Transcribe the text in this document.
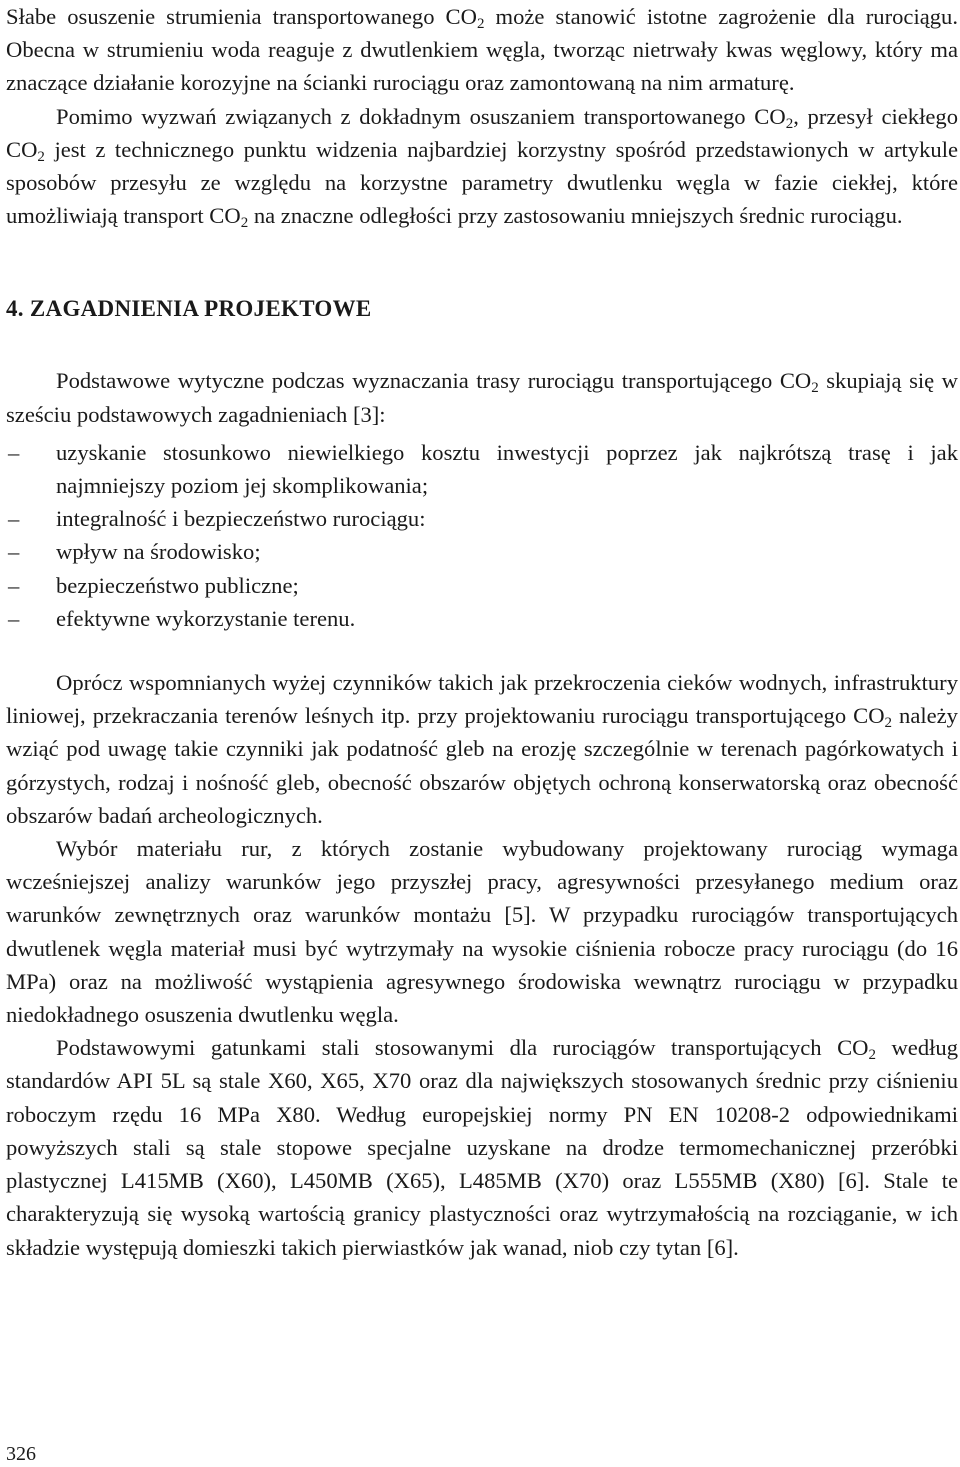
Słabe osuszenie strumienia transportowanego $CO_2$ może stanowić istotne zagrożenie dla rurociągu. Obecna w strumieniu woda reaguje z dwutlenkiem węgla, tworząc nietrwały kwas węglowy, który ma znaczące działanie korozyjne na ścianki rurociągu oraz zamontowaną na nim armaturę.

Pomimo wyzwań związanych z dokładnym osuszaniem transportowanego $CO_2$, przesył ciekłego $CO_2$ jest z technicznego punktu widzenia najbardziej korzystny spośród przedstawionych w artykule sposobów przesyłu ze względu na korzystne parametry dwutlenku węgla w fazie ciekłej, które umożliwiają transport $CO_2$ na znaczne odległości przy zastosowaniu mniejszych średnic rurociągu.

4. ZAGADNIENIA PROJEKTOWE

Podstawowe wytyczne podczas wyznaczania trasy rurociągu transportującego $CO_2$ skupiają się w sześciu podstawowych zagadnieniach [3]:

– uzyskanie stosunkowo niewielkiego kosztu inwestycji poprzez jak najkrótszą trasę i jak najmniejszy poziom jej skomplikowania;
– integralność i bezpieczeństwo rurociągu:
– wpływ na środowisko;
– bezpieczeństwo publiczne;
– efektywne wykorzystanie terenu.

Oprócz wspomnianych wyżej czynników takich jak przekroczenia cieków wodnych, infrastruktury liniowej, przekraczania terenów leśnych itp. przy projektowaniu rurociągu transportującego $CO_2$ należy wziąć pod uwagę takie czynniki jak podatność gleb na erozję szczególnie w terenach pagórkowatych i górzystych, rodzaj i nośność gleb, obecność obszarów objętych ochroną konserwatorską oraz obecność obszarów badań archeologicznych.

Wybór materiału rur, z których zostanie wybudowany projektowany rurociąg wymaga wcześniejszej analizy warunków jego przyszłej pracy, agresywności przesyłanego medium oraz warunków zewnętrznych oraz warunków montażu [5]. W przypadku rurociągów transportujących dwutlenek węgla materiał musi być wytrzymały na wysokie ciśnienia robocze pracy rurociągu (do 16 MPa) oraz na możliwość wystąpienia agresywnego środowiska wewnątrz rurociągu w przypadku niedokładnego osuszenia dwutlenku węgla.

Podstawowymi gatunkami stali stosowanymi dla rurociągów transportujących $CO_2$ według standardów API 5L są stale X60, X65, X70 oraz dla największych stosowanych średnic przy ciśnieniu roboczym rzędu 16 MPa X80. Według europejskiej normy PN EN 10208-2 odpowiednikami powyższych stali są stale stopowe specjalne uzyskane na drodze termomechanicznej przeróbki plastycznej L415MB (X60), L450MB (X65), L485MB (X70) oraz L555MB (X80) [6]. Stale te charakteryzują się wysoką wartością granicy plastyczności oraz wytrzymałością na rozciąganie, w ich składzie występują domieszki takich pierwiastków jak wanad, niob czy tytan [6].

326
